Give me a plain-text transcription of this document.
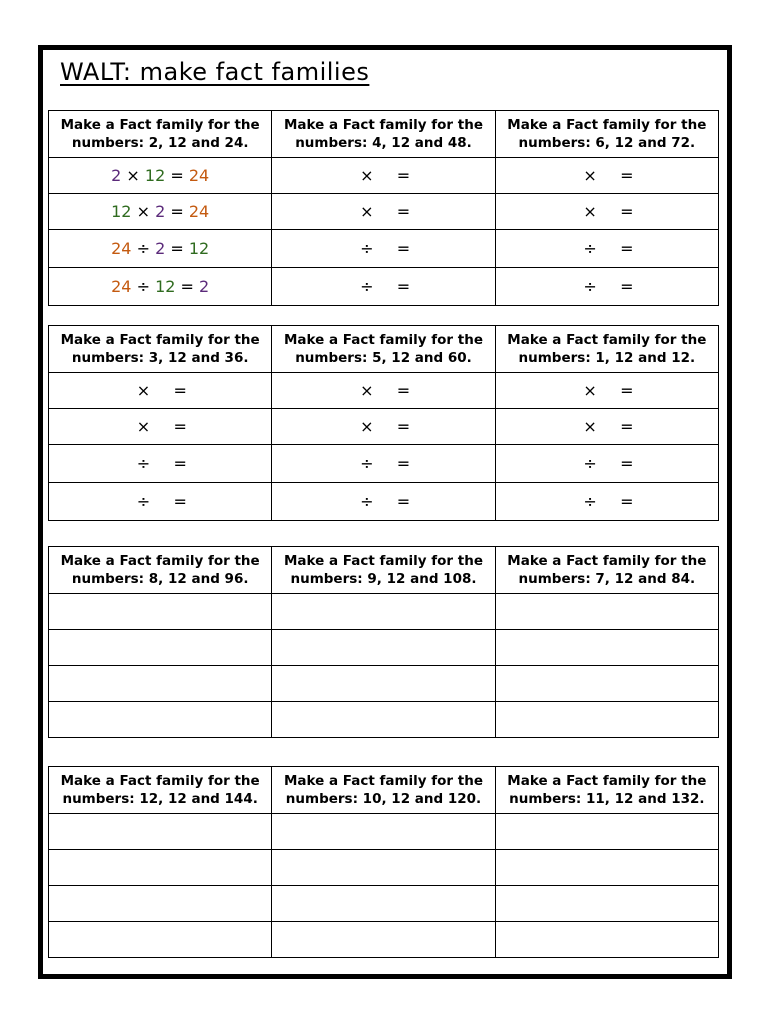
WALT: make fact families
Make a Fact family for the
numbers: 2, 12 and 24.	Make a Fact family for the
numbers: 4, 12 and 48.	Make a Fact family for the
numbers: 6, 12 and 72.

2 × 12 = 24	× =	× =
12 × 2 = 24	× =	× =
24 ÷ 2 = 12	÷ =	÷ =
24 ÷ 12 = 2	÷ =	÷ =
Make a Fact family for the
numbers: 3, 12 and 36.	Make a Fact family for the
numbers: 5, 12 and 60.	Make a Fact family for the
numbers: 1, 12 and 12.

× =	× =	× =
× =	× =	× =
÷ =	÷ =	÷ =
÷ =	÷ =	÷ =
Make a Fact family for the
numbers: 8, 12 and 96.	Make a Fact family for the
numbers: 9, 12 and 108.	Make a Fact family for the
numbers: 7, 12 and 84.

Make a Fact family for the
numbers: 12, 12 and 144.	Make a Fact family for the
numbers: 10, 12 and 120.	Make a Fact family for the
numbers: 11, 12 and 132.
